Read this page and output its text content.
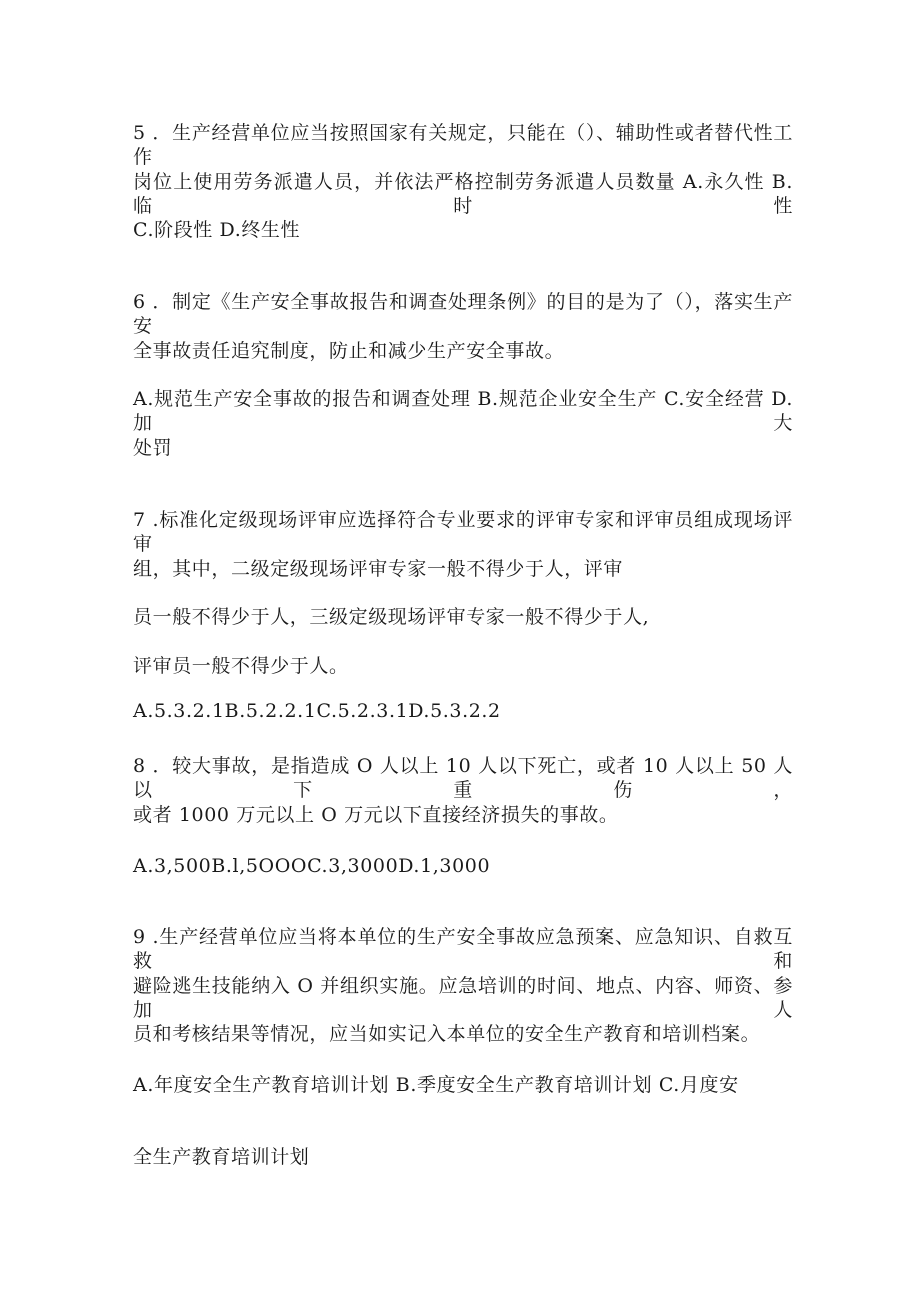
5 ．生产经营单位应当按照国家有关规定，只能在（）、辅助性或者替代性工作
岗位上使用劳务派遣人员，并依法严格控制劳务派遣人员数量 A.永久性 B.临时性
C.阶段性 D.终生性
6 ．制定《生产安全事故报告和调查处理条例》的目的是为了（），落实生产安
全事故责任追究制度，防止和减少生产安全事故。
A.规范生产安全事故的报告和调查处理 B.规范企业安全生产 C.安全经营 D.加大
处罚
7 .标准化定级现场评审应选择符合专业要求的评审专家和评审员组成现场评审
组，其中，二级定级现场评审专家一般不得少于人，评审
员一般不得少于人，三级定级现场评审专家一般不得少于人,
评审员一般不得少于人。
A.5.3.2.1B.5.2.2.1C.5.2.3.1D.5.3.2.2
8 ．较大事故，是指造成 O 人以上 10 人以下死亡，或者 10 人以上 50 人以下重伤，
或者 1000 万元以上 O 万元以下直接经济损失的事故。
A.3,500B.l,5OOOC.3,3000D.1,3000
9 .生产经营单位应当将本单位的生产安全事故应急预案、应急知识、自救互救和
避险逃生技能纳入 O 并组织实施。应急培训的时间、地点、内容、师资、参加人
员和考核结果等情况，应当如实记入本单位的安全生产教育和培训档案。
A.年度安全生产教育培训计划 B.季度安全生产教育培训计划 C.月度安
全生产教育培训计划
